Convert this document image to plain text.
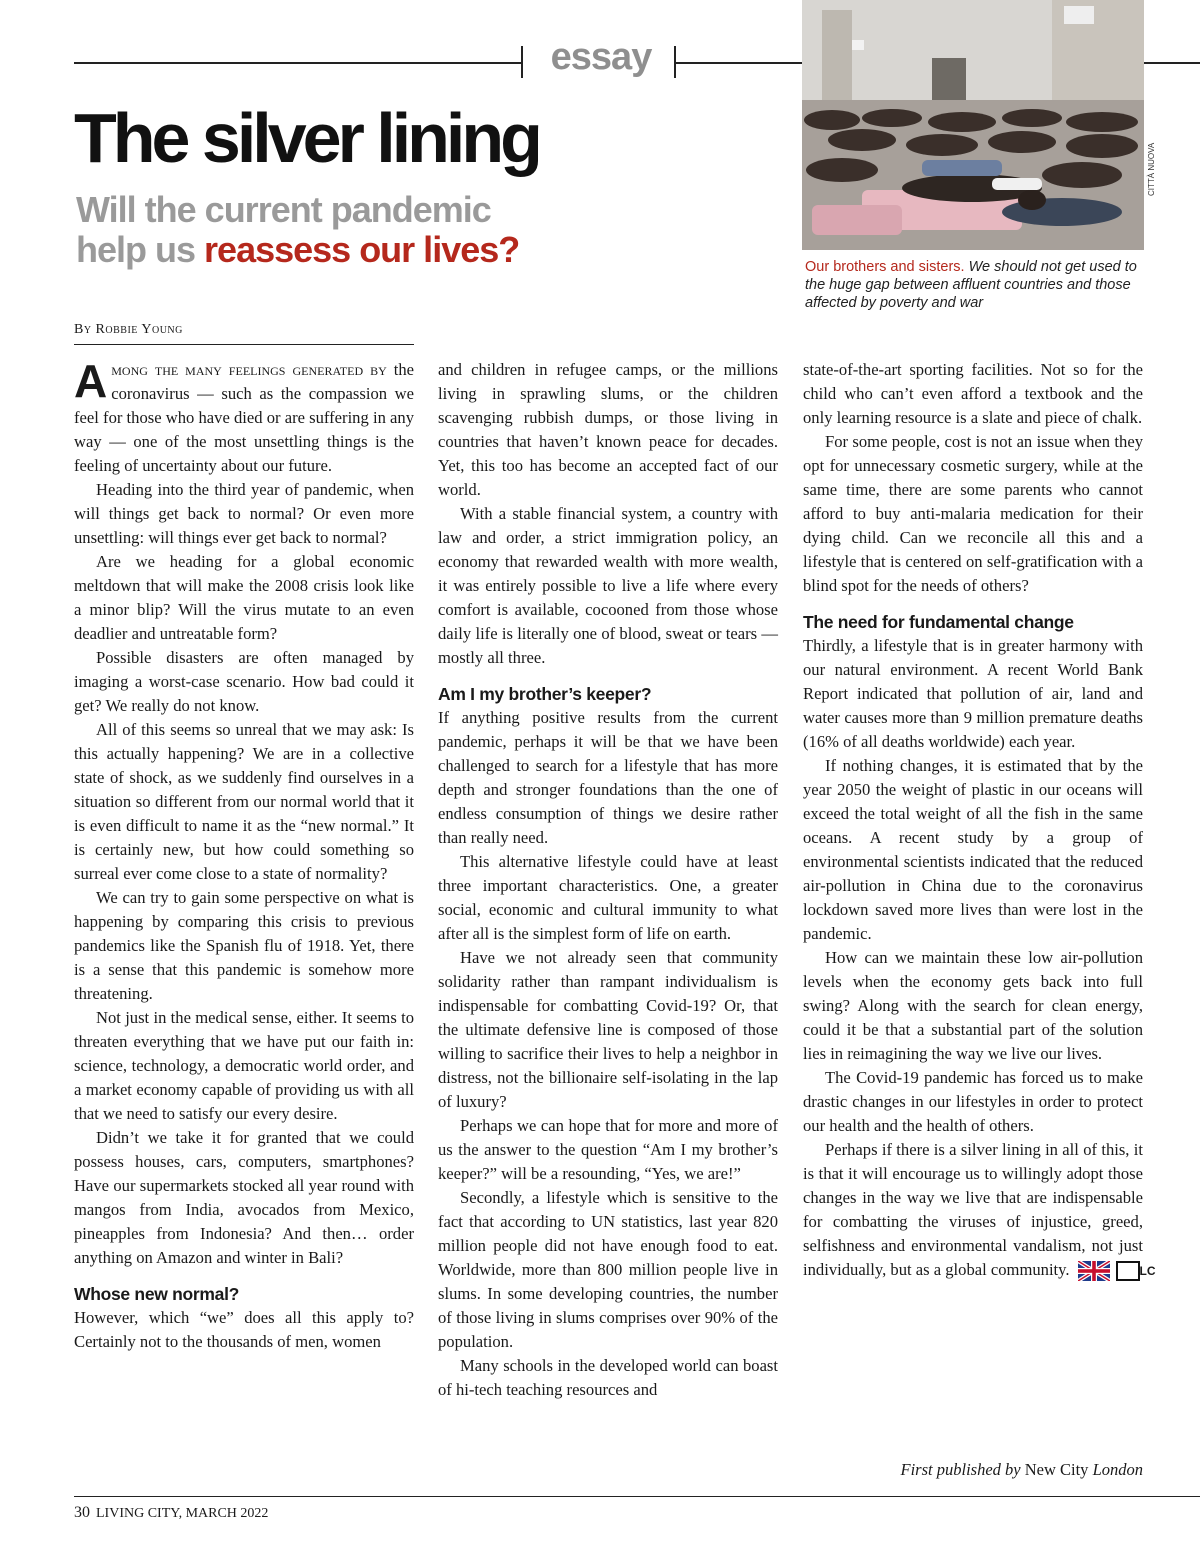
essay
The silver lining
Will the current pandemic
help us reassess our lives?
CITTÀ NUOVA
Our brothers and sisters. We should not get used to the huge gap between affluent countries and those affected by poverty and war
By Robbie Young

Among the many feelings generated by the coronavirus — such as the compassion we feel for those who have died or are suffering in any way — one of the most unsettling things is the feeling of uncertainty about our future.

Heading into the third year of pandemic, when will things get back to normal? Or even more unsettling: will things ever get back to normal?

Are we heading for a global economic meltdown that will make the 2008 crisis look like a minor blip? Will the virus mutate to an even deadlier and untreatable form?

Possible disasters are often managed by imaging a worst-case scenario. How bad could it get? We really do not know.

All of this seems so unreal that we may ask: Is this actually happening? We are in a collective state of shock, as we suddenly find ourselves in a situation so different from our normal world that it is even difficult to name it as the “new normal.” It is certainly new, but how could something so surreal ever come close to a state of normality?

We can try to gain some perspective on what is happening by comparing this crisis to previous pandemics like the Spanish flu of 1918. Yet, there is a sense that this pandemic is somehow more threatening.

Not just in the medical sense, either. It seems to threaten everything that we have put our faith in: science, technology, a democratic world order, and a market economy capable of providing us with all that we need to satisfy our every desire.

Didn’t we take it for granted that we could possess houses, cars, computers, smartphones? Have our supermarkets stocked all year round with mangos from India, avocados from Mexico, pineapples from Indonesia? And then… order anything on Amazon and winter in Bali?

Whose new normal?

However, which “we” does all this apply to? Certainly not to the thousands of men, women

and children in refugee camps, or the millions living in sprawling slums, or the children scavenging rubbish dumps, or those living in countries that haven’t known peace for decades. Yet, this too has become an accepted fact of our world.

With a stable financial system, a country with law and order, a strict immigration policy, an economy that rewarded wealth with more wealth, it was entirely possible to live a life where every comfort is available, cocooned from those whose daily life is literally one of blood, sweat or tears — mostly all three.

Am I my brother’s keeper?

If anything positive results from the current pandemic, perhaps it will be that we have been challenged to search for a lifestyle that has more depth and stronger foundations than the one of endless consumption of things we desire rather than really need.

This alternative lifestyle could have at least three important characteristics. One, a greater social, economic and cultural immunity to what after all is the simplest form of life on earth.

Have we not already seen that community solidarity rather than rampant individualism is indispensable for combatting Covid-19? Or, that the ultimate defensive line is composed of those willing to sacrifice their lives to help a neighbor in distress, not the billionaire self-isolating in the lap of luxury?

Perhaps we can hope that for more and more of us the answer to the question “Am I my brother’s keeper?” will be a resounding, “Yes, we are!”

Secondly, a lifestyle which is sensitive to the fact that according to UN statistics, last year 820 million people did not have enough food to eat. Worldwide, more than 800 million people live in slums. In some developing countries, the number of those living in slums comprises over 90% of the population.

Many schools in the developed world can boast of hi-tech teaching resources and

state-of-the-art sporting facilities. Not so for the child who can’t even afford a textbook and the only learning resource is a slate and piece of chalk.

For some people, cost is not an issue when they opt for unnecessary cosmetic surgery, while at the same time, there are some parents who cannot afford to buy anti-malaria medication for their dying child. Can we reconcile all this and a lifestyle that is centered on self-gratification with a blind spot for the needs of others?

The need for fundamental change

Thirdly, a lifestyle that is in greater harmony with our natural environment. A recent World Bank Report indicated that pollution of air, land and water causes more than 9 million premature deaths (16% of all deaths worldwide) each year.

If nothing changes, it is estimated that by the year 2050 the weight of plastic in our oceans will exceed the total weight of all the fish in the same oceans. A recent study by a group of environmental scientists indicated that the reduced air-pollution in China due to the coronavirus lockdown saved more lives than were lost in the pandemic.

How can we maintain these low air-pollution levels when the economy gets back into full swing? Along with the search for clean energy, could it be that a substantial part of the solution lies in reimagining the way we live our lives.

The Covid-19 pandemic has forced us to make drastic changes in our lifestyles in order to protect our health and the health of others.

Perhaps if there is a silver lining in all of this, it is that it will encourage us to willingly adopt those changes in the way we live that are indispensable for combatting the viruses of injustice, greed, selfishness and environmental vandalism, not just individually, but as a global community.	LC

First published by New City London
30 LIVING CITY, MARCH 2022
